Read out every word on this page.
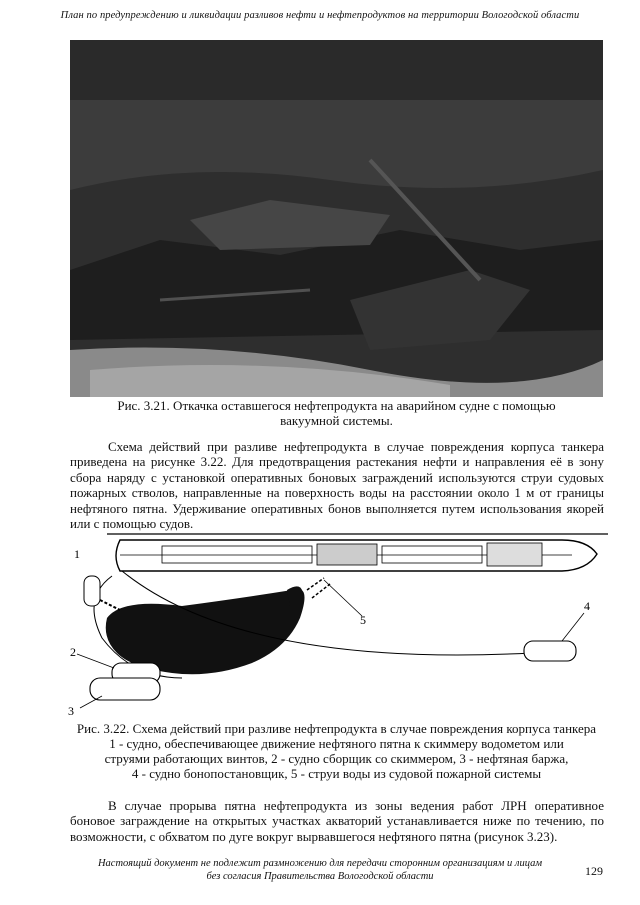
План по предупреждению и ликвидации разливов нефти и нефтепродуктов на территории Вологодской области
Рис. 3.21. Откачка оставшегося нефтепродукта на аварийном судне с помощью
вакуумной системы.

Схема действий при разливе нефтепродукта в случае повреждения корпуса танкера приведена на рисунке 3.22. Для предотвращения растекания нефти и направления её в зону сбора наряду с установкой оперативных боновых заграждений используются струи судовых пожарных стволов, направленные на поверхность воды на расстоянии около 1 м от границы нефтяного пятна. Удерживание оперативных бонов выполняется путем использования якорей или с помощью судов.

1
2
3
4
5
Рис. 3.22. Схема действий при разливе нефтепродукта в случае повреждения корпуса танкера
1 - судно, обеспечивающее движение нефтяного пятна к скиммеру водометом или
струями работающих винтов, 2 - судно сборщик со скиммером, 3 - нефтяная баржа,
4 - судно бонопостановщик, 5 - струи воды из судовой пожарной системы

В случае прорыва пятна нефтепродукта из зоны ведения работ ЛРН оперативное боновое заграждение на открытых участках акваторий устанавливается ниже по течению, по возможности, с обхватом по дуге вокруг вырвавшегося нефтяного пятна (рисунок 3.23).

Настоящий документ не подлежит размножению для передачи сторонним организациям и лицам
без согласия Правительства Вологодской области	129
